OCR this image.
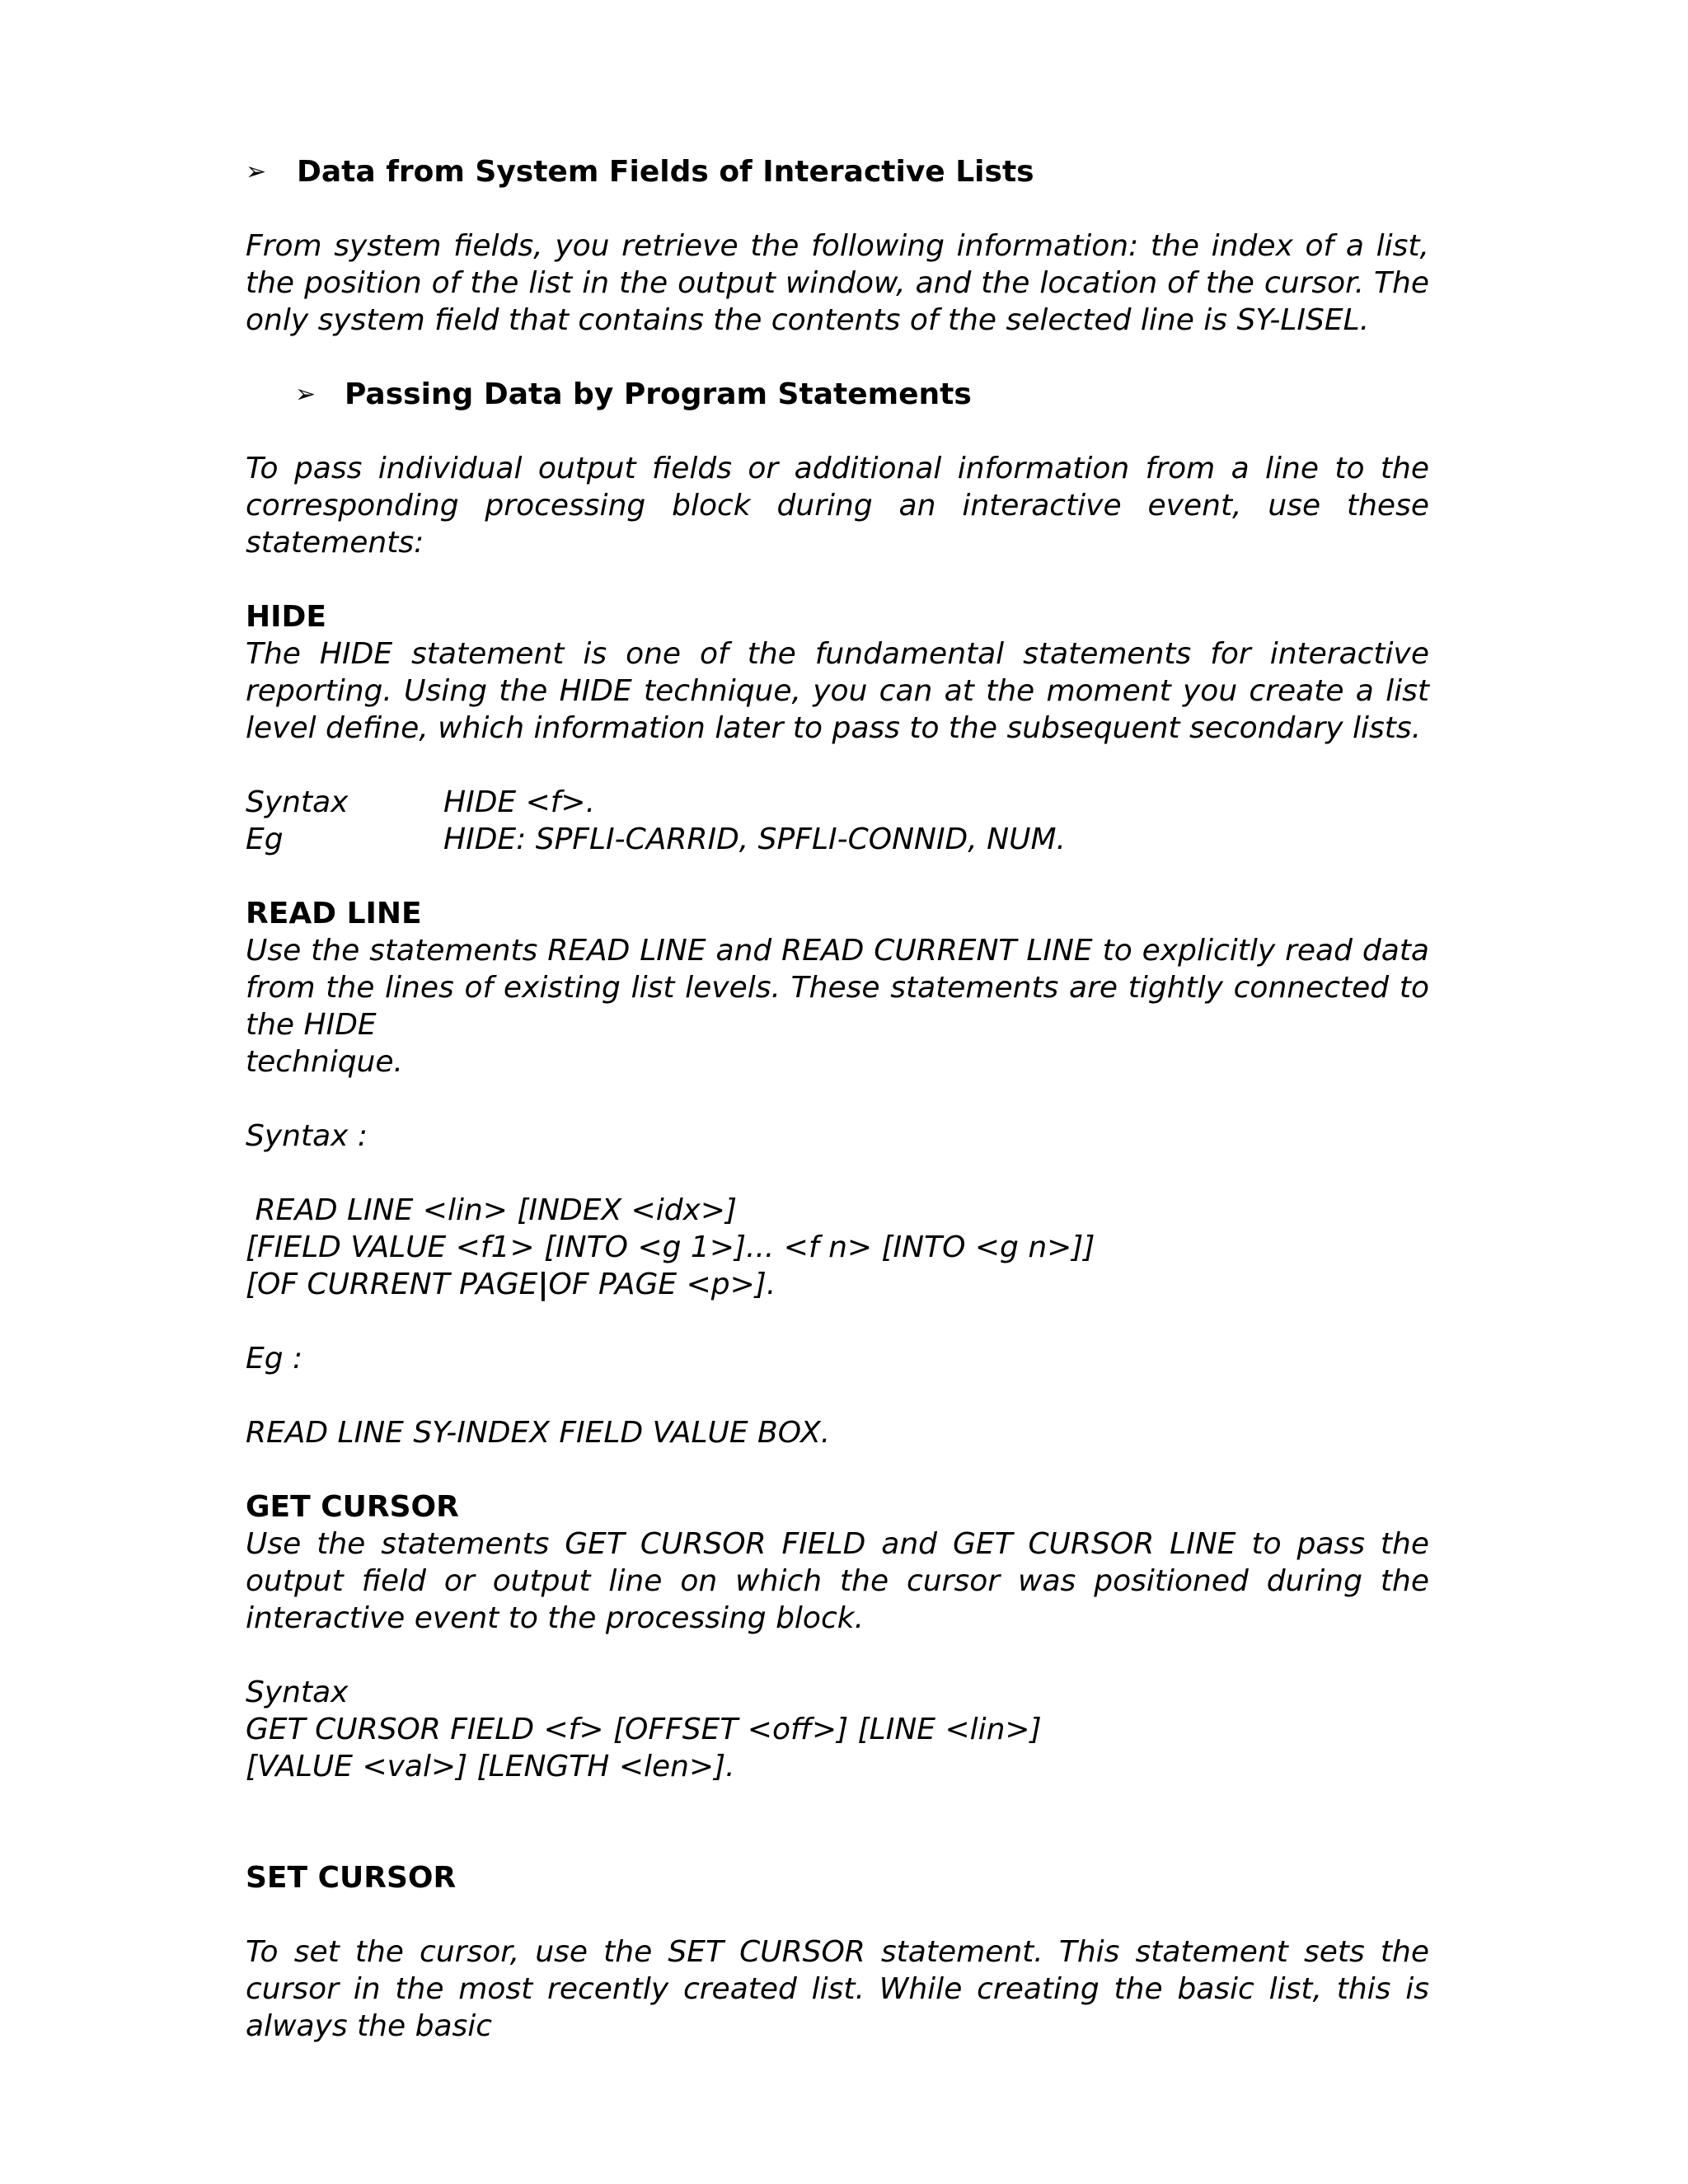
➢ Data from System Fields of Interactive Lists

From system fields, you retrieve the following information: the index of a list, the position of the list in the output window, and the location of the cursor. The only system field that contains the contents of the selected line is SY-LISEL.

➢ Passing Data by Program Statements

To pass individual output fields or additional information from a line to the corresponding processing block during an interactive event, use these statements:

HIDE

The HIDE statement is one of the fundamental statements for interactive reporting. Using the HIDE technique, you can at the moment you create a list level define, which information later to pass to the subsequent secondary lists.

Syntax	HIDE <f>.
Eg	HIDE: SPFLI-CARRID, SPFLI-CONNID, NUM.
READ LINE

Use the statements READ LINE and READ CURRENT LINE to explicitly read data from the lines of existing list levels. These statements are tightly connected to the HIDE

technique.
Syntax :
READ LINE <lin> [INDEX <idx>]
[FIELD VALUE <f1> [INTO <g 1>]... <f n> [INTO <g n>]]
[OF CURRENT PAGE|OF PAGE <p>].
Eg :
READ LINE SY-INDEX FIELD VALUE BOX.
GET CURSOR

Use the statements GET CURSOR FIELD and GET CURSOR LINE to pass the output field or output line on which the cursor was positioned during the interactive event to the processing block.

Syntax
GET CURSOR FIELD <f> [OFFSET <off>] [LINE <lin>]
[VALUE <val>] [LENGTH <len>].
SET CURSOR

To set the cursor, use the SET CURSOR statement. This statement sets the cursor in the most recently created list. While creating the basic list, this is always the basic
